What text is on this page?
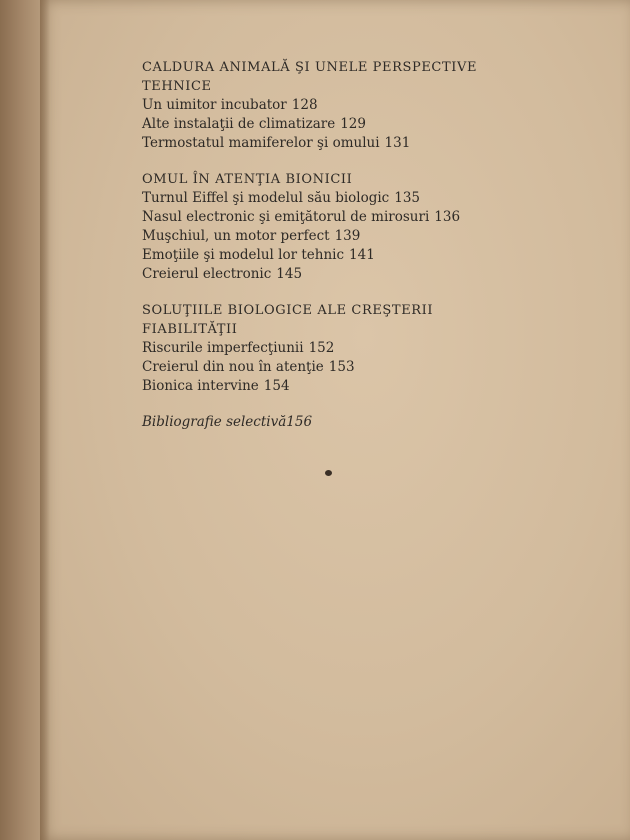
CALDURA ANIMALĂ ŞI UNELE PERSPECTIVE
TEHNICE
Un uimitor incubator 128
Alte instalaţii de climatizare 129
Termostatul mamiferelor şi omului 131
OMUL ÎN ATENŢIA BIONICII
Turnul Eiffel şi modelul său biologic 135
Nasul electronic şi emiţătorul de mirosuri 136
Muşchiul, un motor perfect 139
Emoţiile şi modelul lor tehnic 141
Creierul electronic 145
SOLUŢIILE BIOLOGICE ALE CREŞTERII
FIABILITĂŢII
Riscurile imperfecţiunii 152
Creierul din nou în atenţie 153
Bionica intervine 154
Bibliografie selectivă156
